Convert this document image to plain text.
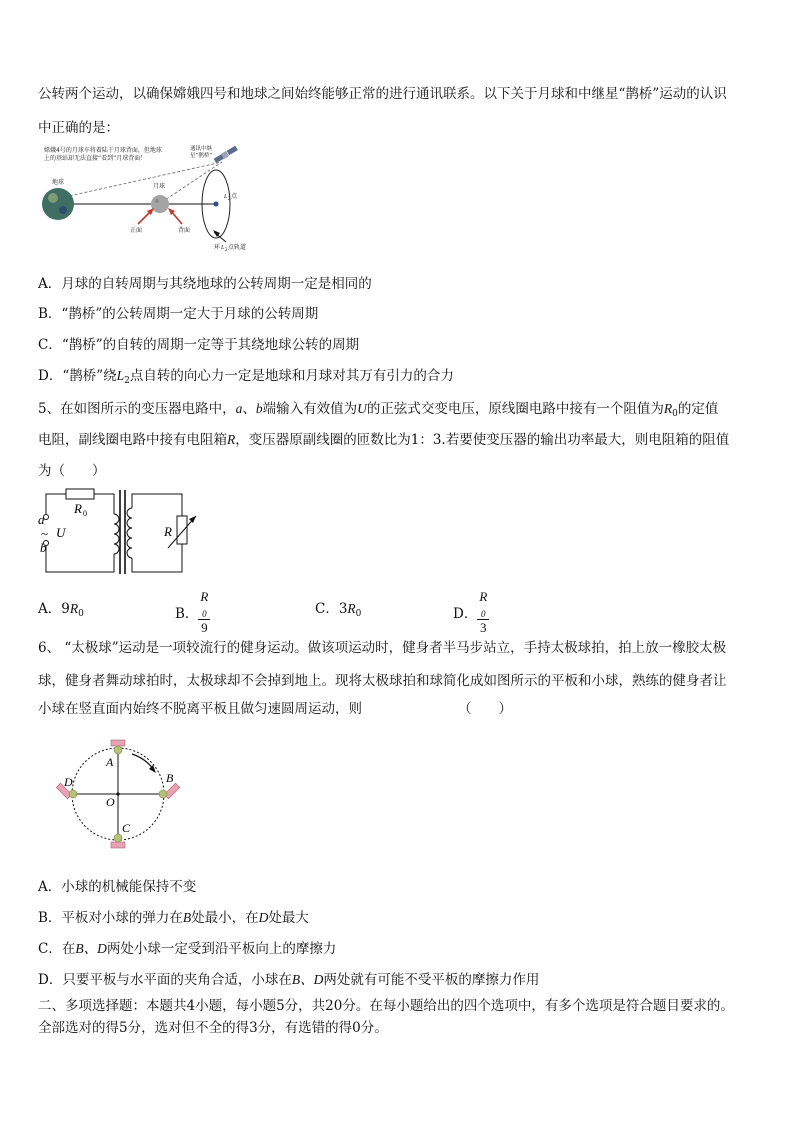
公转两个运动，以确保嫦娥四号和地球之间始终能够正常的进行通讯联系。以下关于月球和中继星“鹊桥”运动的认识
中正确的是：
嫦娥4号的月球车将着陆于月球背面，但地球
上的基站却无法直接“看到”月球背面！
通讯中继
星“鹊桥”
地球
月球
正面	背面
L 2 点
环 L 2 点轨道
A．月球的自转周期与其绕地球的公转周期一定是相同的
B．“鹊桥”的公转周期一定大于月球的公转周期
C．“鹊桥”的自转的周期一定等于其绕地球公转的周期
D．“鹊桥”绕$L_2$点自转的向心力一定是地球和月球对其万有引力的合力
5、在如图所示的变压器电路中，a、b端输入有效值为U的正弦式交变电压，原线圈电路中接有一个阻值为$R_0$的定值
电阻，副线圈电路中接有电阻箱R，变压器原副线圈的匝数比为1：3.若要使变压器的输出功率最大，则电阻箱的阻值
为（　　）
a
~ U
b
R 0
R
A．$9R_0$	B． R
0
9	C．$3R_0$	D． R
0
3
6、 “太极球”运动是一项较流行的健身运动。做该项运动时，健身者半马步站立，手持太极球拍，拍上放一橡胶太极
球，健身者舞动球拍时，太极球却不会掉到地上。现将太极球拍和球简化成如图所示的平板和小球，熟练的健身者让
小球在竖直面内始终不脱离平板且做匀速圆周运动，则	（　　）
A
B
C
D
O
A．小球的机械能保持不变
B．平板对小球的弹力在B处最小，在D处最大
C．在B、D两处小球一定受到沿平板向上的摩擦力
D．只要平板与水平面的夹角合适，小球在B、D两处就有可能不受平板的摩擦力作用
二、多项选择题：本题共4小题，每小题5分，共20分。在每小题给出的四个选项中，有多个选项是符合题目要求的。
全部选对的得5分，选对但不全的得3分，有选错的得0分。
